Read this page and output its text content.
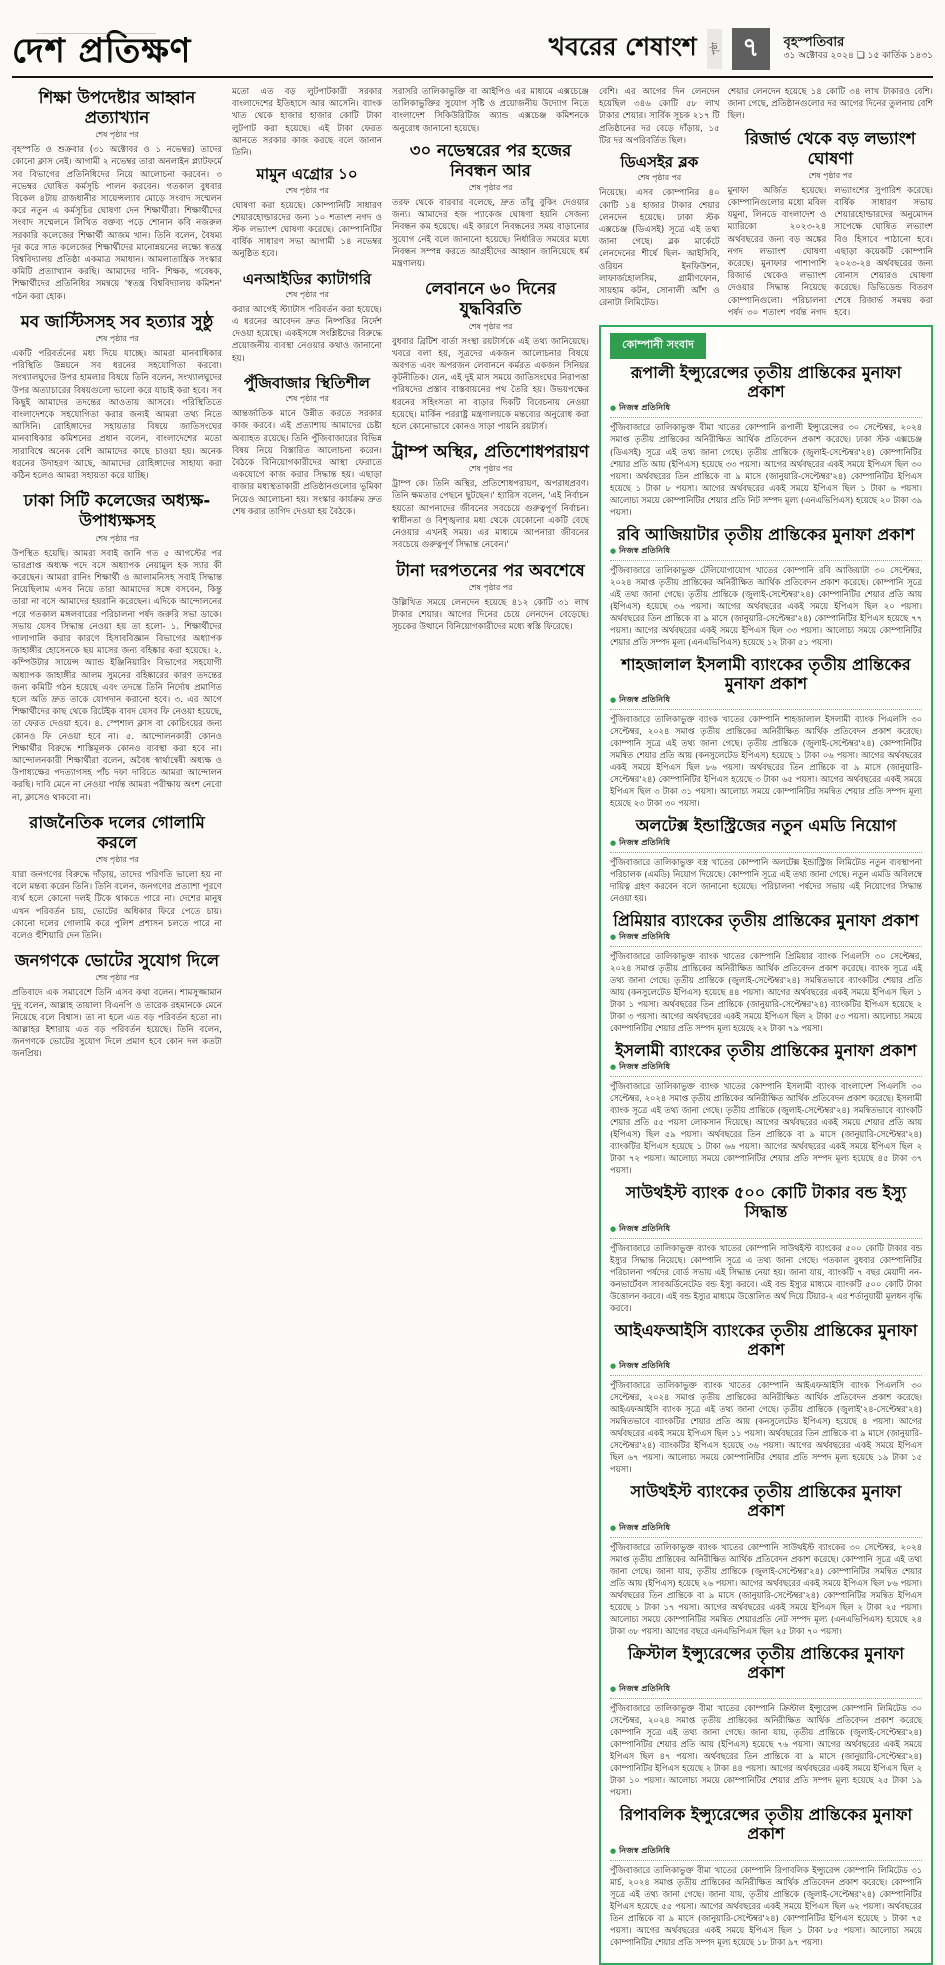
দেশ প্রতিক্ষণ	খবরের শেষাংশ	পৃষ্ঠা ৭	বৃহস্পতিবার
৩১ অক্টোবর ২০২৪ ❑ ১৫ কার্তিক ১৪৩১
শিক্ষা উপদেষ্টার আহ্বান প্রত্যাখ্যান
শেষ পৃষ্ঠার পর
বৃহস্পতি ও শুক্রবার (৩১ অক্টোবর ও ১ নভেম্বর) তাদের কোনো ক্লাস নেই। আগামী ২ নভেম্বর তারা অনলাইন প্ল্যাটফর্মে সব বিভাগের প্রতিনিধিদের নিয়ে আলোচনা করবেন। ৩ নভেম্বর ঘোষিত কর্মসূচি পালন করবেন। গতকাল বুধবার বিকেল ৪টায় রাজধানীর সায়েন্সল্যাব মোড়ে সংবাদ সম্মেলন করে নতুন এ কর্মসূচির ঘোষণা দেন শিক্ষার্থীরা। শিক্ষার্থীদের সংবাদ সম্মেলনে লিখিত বক্তব্য পড়ে শোনান কবি নজরুল সরকারি কলেজের শিক্ষার্থী আজম খান। তিনি বলেন, বৈষম্য দূর করে সাত কলেজের শিক্ষার্থীদের মানোন্নয়নের লক্ষ্যে স্বতন্ত্র বিশ্ববিদ্যালয় প্রতিষ্ঠা একমাত্র সমাধান। আমলাতান্ত্রিক সংস্কার কমিটি প্রত্যাখ্যান করছি। আমাদের দাবি- শিক্ষক, গবেষক, শিক্ষার্থীদের প্রতিনিধির সমন্বয়ে 'স্বতন্ত্র বিশ্ববিদ্যালয় কমিশন' গঠন করা হোক।
মব জাস্টিসসহ সব হত্যার সুষ্ঠু
শেষ পৃষ্ঠার পর
একটি পরিবর্তনের মধ্য দিয়ে যাচ্ছে। আমরা মানবাধিকার পরিস্থিতি উন্নয়নে সব ধরনের সহযোগিতা করবো। সংখ্যালঘুদের উপর হামলার বিষয়ে তিনি বলেন, সংখ্যালঘুদের উপর অত্যাচারের বিষয়গুলো ভালো করে যাচাই করা হবে। সব কিছুই আমাদের তদন্তের আওতায় আসবে। পরিস্থিতিতে বাংলাদেশকে সহযোগিতা করার জন্যই আমরা তথ্য নিতে আসিনি। রোহিঙ্গাদের সহায়তার বিষয়ে জাতিসংঘের মানবাধিকার কমিশনের প্রধান বলেন, বাংলাদেশের মতো সারাবিশ্বে অনেক বেশি আমাদের কাছে চাওয়া হয়। অনেক ধরনের উদাহরণ আছে, আমাদের রোহিঙ্গাদের সাহায্য করা কঠিন হলেও আমরা সহায়তা করে যাচ্ছি।
ঢাকা সিটি কলেজের অধ্যক্ষ-উপাধ্যক্ষসহ
শেষ পৃষ্ঠার পর
উপস্থিত হয়েছি। আমরা সবাই জানি গত ৫ আগস্টের পর ভারপ্রাপ্ত অধ্যক্ষ পদে বসে অধ্যাপক নেয়ামুল হক স্যার কী করেছেন। আমরা রানিং শিক্ষার্থী ও আলামনিসহ সবাই সিদ্ধান্ত নিয়েছিলাম এসব নিয়ে তারা আমাদের সঙ্গে বসবেন, কিন্তু তারা না বসে আমাদের হয়রানি করেছেন। এদিকে আন্দোলনের পরে গতকাল মঙ্গলবারের পরিচালনা পর্ষদ জরুরি সভা ডাকে। সভায় যেসব সিদ্ধান্ত নেওয়া হয় তা হলো- ১. শিক্ষার্থীদের গালাগালি করার কারণে হিসাববিজ্ঞান বিভাগের অধ্যাপক জাহাঙ্গীর হোসেনকে ছয় মাসের জন্য বহিষ্কার করা হয়েছে। ২. কম্পিউটার সায়েন্স অ্যান্ড ইঞ্জিনিয়ারিং বিভাগের সহযোগী অধ্যাপক জাহাঙ্গীর আলম সুমনের বহিষ্কারের কারণ তদন্তের জন্য কমিটি গঠন হয়েছে এবং তদন্তে তিনি নির্দোষ প্রমাণিত হলে অতি দ্রুত তাকে যোগদান করানো হবে। ৩. এর আগে শিক্ষার্থীদের কাছ থেকে রিটেইক বাবদ যেসব ফি নেওয়া হয়েছে, তা ফেরত দেওয়া হবে। ৪. স্পেশাল ক্লাস বা কোচিংয়ের জন্য কোনও ফি নেওয়া হবে না। ৫. আন্দোলনকারী কোনও শিক্ষার্থীর বিরুদ্ধে শাস্তিমূলক কোনও ব্যবস্থা করা হবে না। আন্দোলনকারী শিক্ষার্থীরা বলেন, অবৈধ স্বার্থান্বেষী অধ্যক্ষ ও উপাধ্যক্ষের পদত্যাগসহ পাঁচ দফা দাবিতে আমরা আন্দোলন করছি। দাবি মেনে না নেওয়া পর্যন্ত আমরা পরীক্ষায় অংশ নেবো না, ক্লাসেও থাকবো না।
রাজনৈতিক দলের গোলামি করলে
শেষ পৃষ্ঠার পর
যারা জনগণের বিরুদ্ধে দাঁড়ায়, তাদের পরিণতি ভালো হয় না বলে মন্তব্য করেন তিনি। তিনি বলেন, জনগণের প্রত্যাশা পূরণে ব্যর্থ হলে কোনো দলই টিকে থাকতে পারে না। দেশের মানুষ এখন পরিবর্তন চায়, ভোটের অধিকার ফিরে পেতে চায়। কোনো দলের গোলামি করে পুলিশ প্রশাসন চলতে পারে না বলেও হুঁশিয়ারি দেন তিনি।
জনগণকে ভোটের সুযোগ দিলে
শেষ পৃষ্ঠার পর
প্রতিবাদে এক সমাবেশে তিনি এসব কথা বলেন। শামসুজ্জামান দুদু বলেন, আল্লাহ তায়ালা বিএনপি ও তারেক রহমানকে মেনে নিয়েছে বলে বিশ্বাস। তা না হলে এত বড় পরিবর্তন হতো না। আল্লাহর ইশারায় এত বড় পরিবর্তন হয়েছে। তিনি বলেন, জনগণকে ভোটের সুযোগ দিলে প্রমাণ হবে কোন দল কতটা জনপ্রিয়।
মতো এত বড় লুটপাটকারী সরকার বাংলাদেশের ইতিহাসে আর আসেনি। ব্যাংক খাত থেকে হাজার হাজার কোটি টাকা লুটপাট করা হয়েছে। এই টাকা ফেরত আনতে সরকার কাজ করছে বলে জানান তিনি।
মামুন এগ্রোর ১০
শেষ পৃষ্ঠার পর
ঘোষণা করা হয়েছে। কোম্পানিটি সাধারণ শেয়ারহোল্ডারদের জন্য ১০ শতাংশ নগদ ও স্টক লভ্যাংশ ঘোষণা করেছে। কোম্পানিটির বার্ষিক সাধারণ সভা আগামী ১৪ নভেম্বর অনুষ্ঠিত হবে।
এনআইডির ক্যাটাগরি
শেষ পৃষ্ঠার পর
করার আগেই স্ট্যাটাস পরিবর্তন করা হয়েছে। এ ধরনের আবেদন দ্রুত নিষ্পত্তির নির্দেশ দেওয়া হয়েছে। একইসঙ্গে সংশ্লিষ্টদের বিরুদ্ধে প্রয়োজনীয় ব্যবস্থা নেওয়ার কথাও জানানো হয়।
পুঁজিবাজার স্থিতিশীল
শেষ পৃষ্ঠার পর
আন্তর্জাতিক মানে উন্নীত করতে সরকার কাজ করবে। এই প্রত্যাশায় আমাদের চেষ্টা অব্যাহত রয়েছে। তিনি পুঁজিবাজারের বিভিন্ন বিষয় নিয়ে বিস্তারিত আলোচনা করেন। বৈঠকে বিনিয়োগকারীদের আস্থা ফেরাতে একযোগে কাজ করার সিদ্ধান্ত হয়। এছাড়া বাজার মধ্যস্থতাকারী প্রতিষ্ঠানগুলোর ভূমিকা নিয়েও আলোচনা হয়। সংস্কার কার্যক্রম দ্রুত শেষ করার তাগিদ দেওয়া হয় বৈঠকে।
সরাসরি তালিকাভুক্তি বা আইপিও এর মাধ্যমে এক্সচেঞ্জে তালিকাভুক্তির সুযোগ সৃষ্টি ও প্রয়োজনীয় উদ্যোগ নিতে বাংলাদেশ সিকিউরিটিজ অ্যান্ড এক্সচেঞ্জ কমিশনকে অনুরোধ জানানো হয়েছে।
৩০ নভেম্বরের পর হজের নিবন্ধন আর
শেষ পৃষ্ঠার পর
তরফ থেকে বারবার বলেছে, দ্রুত তাঁবু বুকিং দেওয়ার জন্য। আমাদের হজ প্যাকেজ ঘোষণা হয়নি সেজন্য নিবন্ধন কম হয়েছে। এই কারণে নিবন্ধনের সময় বাড়ানোর সুযোগ নেই বলে জানানো হয়েছে। নির্ধারিত সময়ের মধ্যে নিবন্ধন সম্পন্ন করতে আগ্রহীদের আহ্বান জানিয়েছে ধর্ম মন্ত্রণালয়।
লেবাননে ৬০ দিনের যুদ্ধবিরতি
শেষ পৃষ্ঠার পর
বুধবার ব্রিটিশ বার্তা সংস্থা রয়টার্সকে এই তথ্য জানিয়েছে। খবরে বলা হয়, সূত্রদের একজন আলোচনার বিষয়ে অবগত এবং অপরজন লেবাননে কর্মরত একজন সিনিয়র কূটনীতিক। যেন, এই দুই মাস সময়ে জাতিসংঘের নিরাপত্তা পরিষদের প্রস্তাব বাস্তবায়নের পথ তৈরি হয়। উভয়পক্ষের ধরনের সহিংসতা না বাড়ার দিকটি বিবেচনায় নেওয়া হয়েছে। মার্কিন পররাষ্ট্র মন্ত্রণালয়কে মন্তব্যের অনুরোধ করা হলে কোনোভাবে কোনও সাড়া পায়নি রয়টার্স।
ট্রাম্প অস্থির, প্রতিশোধপরায়ণ
শেষ পৃষ্ঠার পর
ট্রাম্প কে। তিনি অস্থির, প্রতিশোধপরায়ণ, অপরাধপ্রবণ। তিনি ক্ষমতার পেছনে ছুটছেন।' হ্যারিস বলেন, 'এই নির্বাচন হয়তো আপনাদের জীবনের সবচেয়ে গুরুত্বপূর্ণ নির্বাচন। স্বাধীনতা ও বিশৃঙ্খলার মধ্য থেকে যেকোনো একটি বেছে নেওয়ার এখনই সময়। এর মাধ্যমে আপনারা জীবনের সবচেয়ে গুরুত্বপূর্ণ সিদ্ধান্ত নেবেন।'
টানা দরপতনের পর অবশেষে
শেষ পৃষ্ঠার পর
উল্লিখিত সময়ে লেনদেন হয়েছে ৪১২ কোটি ৩১ লাখ টাকার শেয়ার। আগের দিনের চেয়ে লেনদেন বেড়েছে। সূচকের উত্থানে বিনিয়োগকারীদের মধ্যে স্বস্তি ফিরেছে।
বেশি। এর আগের দিন লেনদেন হয়েছিল ৩৪৬ কোটি ৫৮ লাখ টাকার শেয়ার। সার্বিক সূচক ২১৭ টি প্রতিষ্ঠানের দর বেড়ে দাঁড়ায়, ১৫ টির দর অপরিবর্তিত ছিল।
ডিএসইর ব্লক
শেষ পৃষ্ঠার পর
নিয়েছে। এসব কোম্পানির ৪০ কোটি ১৪ হাজার টাকার শেয়ার লেনদেন হয়েছে। ঢাকা স্টক এক্সচেঞ্জ (ডিএসই) সূত্রে এই তথ্য জানা গেছে। ব্লক মার্কেটে লেনদেনের শীর্ষে ছিল- আইসিবি, ওরিয়ন ইনফিউশন, লাফার্জহোলসিম, গ্রামীণফোন, সায়হাম কটন, সোনালী আঁশ ও রেনাটা লিমিটেড।
শেয়ার লেনদেন হয়েছে ১৪ কোটি ৩৪ লাখ টাকারও বেশি। জানা গেছে, প্রতিষ্ঠানগুলোর দর আগের দিনের তুলনায় বেশি ছিল।
রিজার্ভ থেকে বড় লভ্যাংশ ঘোষণা
শেষ পৃষ্ঠার পর
মুনাফা অর্জিত হয়েছে। কোম্পানিগুলোর মধ্যে মবিল যমুনা, লিনডে বাংলাদেশ ও ম্যারিকো ২০২৩-২৪ অর্থবছরের জন্য বড় অঙ্কের নগদ লভ্যাংশ ঘোষণা করেছে। মুনাফার পাশাপাশি রিজার্ভ থেকেও লভ্যাংশ দেওয়ার সিদ্ধান্ত নিয়েছে কোম্পানিগুলো। পরিচালনা পর্ষদ ৩০ শতাংশ পর্যন্ত নগদ লভ্যাংশের সুপারিশ করেছে। বার্ষিক সাধারণ সভায় শেয়ারহোল্ডারদের অনুমোদন সাপেক্ষে ঘোষিত লভ্যাংশ বিও হিসাবে পাঠানো হবে। এছাড়া কয়েকটি কোম্পানি ২০২৩-২৪ অর্থবছরের জন্য বোনাস শেয়ারও ঘোষণা করেছে। ডিভিডেন্ড বিতরণ শেষে রিজার্ভ সমন্বয় করা হবে।
কোম্পানী সংবাদ
রূপালী ইন্স্যুরেন্সের তৃতীয় প্রান্তিকের মুনাফা প্রকাশ
● নিজস্ব প্রতিনিধি
পুঁজিবাজারে তালিকাভুক্ত বীমা খাতের কোম্পানি রূপালী ইন্স্যুরেন্সের ৩০ সেপ্টেম্বর, ২০২৪ সমাপ্ত তৃতীয় প্রান্তিকের অনিরীক্ষিত আর্থিক প্রতিবেদন প্রকাশ করেছে। ঢাকা স্টক এক্সচেঞ্জ (ডিএসই) সূত্রে এই তথ্য জানা গেছে। তৃতীয় প্রান্তিকে (জুলাই-সেপ্টেম্বর'২৪) কোম্পানিটির শেয়ার প্রতি আয় (ইপিএস) হয়েছে ৩৩ পয়সা। আগের অর্থবছরের একই সময়ে ইপিএস ছিল ৩০ পয়সা। অর্থবছরের তিন প্রান্তিকে বা ৯ মাসে (জানুয়ারি-সেপ্টেম্বর'২৪) কোম্পানিটির ইপিএস হয়েছে ১ টাকা ৮ পয়সা। আগের অর্থবছরের একই সময়ে ইপিএস ছিল ১ টাকা ৬ পয়সা। আলোচ্য সময়ে কোম্পানিটির শেয়ার প্রতি নিট সম্পদ মূল্য (এনএভিপিএস) হয়েছে ২০ টাকা ৩৯ পয়সা।
রবি আজিয়াটার তৃতীয় প্রান্তিকের মুনাফা প্রকাশ
● নিজস্ব প্রতিনিধি
পুঁজিবাজারে তালিকাভুক্ত টেলিযোগাযোগ খাতের কোম্পানি রবি আজিয়াটা ৩০ সেপ্টেম্বর, ২০২৪ সমাপ্ত তৃতীয় প্রান্তিকের অনিরীক্ষিত আর্থিক প্রতিবেদন প্রকাশ করেছে। কোম্পানি সূত্রে এই তথ্য জানা গেছে। তৃতীয় প্রান্তিকে (জুলাই-সেপ্টেম্বর'২৪) কোম্পানিটির শেয়ার প্রতি আয় (ইপিএস) হয়েছে ৩৬ পয়সা। আগের অর্থবছরের একই সময়ে ইপিএস ছিল ২০ পয়সা। অর্থবছরের তিন প্রান্তিকে বা ৯ মাসে (জানুয়ারি-সেপ্টেম্বর'২৪) কোম্পানিটির ইপিএস হয়েছে ৭৭ পয়সা। আগের অর্থবছরের একই সময়ে ইপিএস ছিল ৩৩ পয়সা। আলোচ্য সময়ে কোম্পানিটির শেয়ার প্রতি সম্পদ মূল্য (এনএভিপিএস) হয়েছে ১২ টাকা ৫১ পয়সা।
শাহজালাল ইসলামী ব্যাংকের তৃতীয় প্রান্তিকের মুনাফা প্রকাশ
● নিজস্ব প্রতিনিধি
পুঁজিবাজারে তালিকাভুক্ত ব্যাংক খাতের কোম্পানি শাহজালাল ইসলামী ব্যাংক পিএলসি ৩০ সেপ্টেম্বর, ২০২৪ সমাপ্ত তৃতীয় প্রান্তিকের অনিরীক্ষিত আর্থিক প্রতিবেদন প্রকাশ করেছে। কোম্পানি সূত্রে এই তথ্য জানা গেছে। তৃতীয় প্রান্তিকে (জুলাই-সেপ্টেম্বর'২৪) কোম্পানিটির সমন্বিত শেয়ার প্রতি আয় (কনসুলেটেড ইপিএস) হয়েছে ১ টাকা ০৬ পয়সা। আগের অর্থবছরের একই সময়ে ইপিএস ছিল ৮৬ পয়সা। অর্থবছরের তিন প্রান্তিকে বা ৯ মাসে (জানুয়ারি-সেপ্টেম্বর'২৪) কোম্পানিটির ইপিএস হয়েছে ৩ টাকা ৬৫ পয়সা। আগের অর্থবছরের একই সময়ে ইপিএস ছিল ৩ টাকা ৩১ পয়সা। আলোচ্য সময়ে কোম্পানিটির সমন্বিত শেয়ার প্রতি সম্পদ মূল্য হয়েছে ২৩ টাকা ৩০ পয়সা।
অলটেক্স ইন্ডাস্ট্রিজের নতুন এমডি নিয়োগ
● নিজস্ব প্রতিনিধি
পুঁজিবাজারে তালিকাভুক্ত বস্ত্র খাতের কোম্পানি অলটেক্স ইন্ডাস্ট্রিজ লিমিটেড নতুন ব্যবস্থাপনা পরিচালক (এমডি) নিয়োগ দিয়েছে। কোম্পানি সূত্রে এই তথ্য জানা গেছে। নতুন এমডি অবিলম্বে দায়িত্ব গ্রহণ করবেন বলে জানানো হয়েছে। পরিচালনা পর্ষদের সভায় এই নিয়োগের সিদ্ধান্ত নেওয়া হয়।
প্রিমিয়ার ব্যাংকের তৃতীয় প্রান্তিকের মুনাফা প্রকাশ
● নিজস্ব প্রতিনিধি
পুঁজিবাজারে তালিকাভুক্ত ব্যাংক খাতের কোম্পানি প্রিমিয়ার ব্যাংক পিএলসি ৩০ সেপ্টেম্বর, ২০২৪ সমাপ্ত তৃতীয় প্রান্তিকের অনিরীক্ষিত আর্থিক প্রতিবেদন প্রকাশ করেছে। ব্যাংক সূত্রে এই তথ্য জানা গেছে। তৃতীয় প্রান্তিকে (জুলাই-সেপ্টেম্বর'২৪) সমন্বিতভাবে ব্যাংকটির শেয়ার প্রতি আয় (কনসুলেটেড ইপিএস) হয়েছে ৪৪ পয়সা। আগের অর্থবছরের একই সময়ে ইপিএস ছিল ১ টাকা ১ পয়সা। অর্থবছরের তিন প্রান্তিকে (জানুয়ারি-সেপ্টেম্বর'২৪) ব্যাংকটির ইপিএস হয়েছে ২ টাকা ৩ পয়সা। আগের অর্থবছরের একই সময়ে ইপিএস ছিল ২ টাকা ৫৩ পয়সা। আলোচ্য সময়ে কোম্পানিটির শেয়ার প্রতি সম্পদ মূল্য হয়েছে ২২ টাকা ৭৯ পয়সা।
ইসলামী ব্যাংকের তৃতীয় প্রান্তিকের মুনাফা প্রকাশ
● নিজস্ব প্রতিনিধি
পুঁজিবাজারে তালিকাভুক্ত ব্যাংক খাতের কোম্পানি ইসলামী ব্যাংক বাংলাদেশ পিএলসি ৩০ সেপ্টেম্বর, ২০২৪ সমাপ্ত তৃতীয় প্রান্তিকের অনিরীক্ষিত আর্থিক প্রতিবেদন প্রকাশ করেছে। ইসলামী ব্যাংক সূত্রে এই তথ্য জানা গেছে। তৃতীয় প্রান্তিকে (জুলাই-সেপ্টেম্বর'২৪) সমন্বিতভাবে ব্যাংকটি শেয়ার প্রতি ৫৫ পয়সা লোকসান দিয়েছে। আগের অর্থবছরের একই সময়ে শেয়ার প্রতি আয় (ইপিএস) ছিল ৫৯ পয়সা। অর্থবছরের তিন প্রান্তিকে বা ৯ মাসে (জানুয়ারি-সেপ্টেম্বর'২৪) ব্যাংকটির ইপিএস হয়েছে ১ টাকা ৬৬ পয়সা। আগের অর্থবছরের একই সময়ে ইপিএস ছিল ২ টাকা ৭২ পয়সা। আলোচ্য সময়ে কোম্পানিটির শেয়ার প্রতি সম্পদ মূল্য হয়েছে ৪৫ টাকা ৩৭ পয়সা।
সাউথইস্ট ব্যাংক ৫০০ কোটি টাকার বন্ড ইস্যু সিদ্ধান্ত
● নিজস্ব প্রতিনিধি
পুঁজিবাজারে তালিকাভুক্ত ব্যাংক খাতের কোম্পানি সাউথইস্ট ব্যাংকের ৫০০ কোটি টাকার বন্ড ইস্যুর সিদ্ধান্ত নিয়েছে। কোম্পানি সূত্রে এ তথ্য জানা গেছে। গতকাল বুধবার কোম্পানিটির পরিচালনা পর্ষদের বোর্ড সভায় এই সিদ্ধান্ত নেয়া হয়। জানা যায়, ব্যাংকটি ৭ বছর মেয়াদী নন-কনভার্টেবল সাবঅর্ডিনেটেড বন্ড ইস্যু করবে। এই বন্ড ইস্যুর মাধ্যমে ব্যাংকটি ৫০০ কোটি টাকা উত্তোলন করবে। এই বন্ড ইস্যুর মাধ্যমে উত্তোলিত অর্থ দিয়ে টিয়ার-২ এর শর্তানুযায়ী মূলধন বৃদ্ধি করবে।
আইএফআইসি ব্যাংকের তৃতীয় প্রান্তিকের মুনাফা প্রকাশ
● নিজস্ব প্রতিনিধি
পুঁজিবাজারে তালিকাভুক্ত ব্যাংক খাতের কোম্পানি আইএফআইসি ব্যাংক পিএলসি ৩০ সেপ্টেম্বর, ২০২৪ সমাপ্ত তৃতীয় প্রান্তিকের অনিরীক্ষিত আর্থিক প্রতিবেদন প্রকাশ করেছে। আইএফআইসি ব্যাংক সূত্রে এই তথ্য জানা গেছে। তৃতীয় প্রান্তিকে (জুলাই'২৪-সেপ্টেম্বর'২৪) সমন্বিতভাবে ব্যাংকটির শেয়ার প্রতি আয় (কনসুলেটেড ইপিএস) হয়েছে ৪ পয়সা। আগের অর্থবছরের একই সময়ে ইপিএস ছিল ১১ পয়সা। অর্থবছরের তিন প্রান্তিকে বা ৯ মাসে (জানুয়ারি-সেপ্টেম্বর'২৪) ব্যাংকটির ইপিএস হয়েছে ৩৬ পয়সা। আগের অর্থবছরের একই সময়ে ইপিএস ছিল ৬৭ পয়সা। আলোচ্য সময়ে কোম্পানিটির শেয়ার প্রতি সম্পদ মূল্য হয়েছে ১৯ টাকা ১৫ পয়সা।
সাউথইস্ট ব্যাংকের তৃতীয় প্রান্তিকের মুনাফা প্রকাশ
● নিজস্ব প্রতিনিধি
পুঁজিবাজারে তালিকাভুক্ত ব্যাংক খাতের কোম্পানি সাউথইস্ট ব্যাংকের ৩০ সেপ্টেম্বর, ২০২৪ সমাপ্ত তৃতীয় প্রান্তিকের অনিরীক্ষিত আর্থিক প্রতিবেদন প্রকাশ করেছে। কোম্পানি সূত্রে এই তথ্য জানা গেছে। জানা যায়, তৃতীয় প্রান্তিকে (জুলাই-সেপ্টেম্বর'২৪) কোম্পানিটির সমন্বিত শেয়ার প্রতি আয় (ইপিএস) হয়েছে ২৬ পয়সা। আগের অর্থবছরের একই সময়ে ইপিএস ছিল ৮৬ পয়সা। অর্থবছরের তিন প্রান্তিকে বা ৯ মাসে (জানুয়ারি-সেপ্টেম্বর'২৪) কোম্পানিটির সমন্বিত ইপিএস হয়েছে ১ টাকা ১৭ পয়সা। আগের অর্থবছরের একই সময়ে ইপিএস ছিল ২ টাকা ২৫ পয়সা। আলোচ্য সময়ে কোম্পানিটির সমন্বিত শেয়ারপ্রতি নেট সম্পদ মূল্য (এনএভিপিএস) হয়েছে ২৪ টাকা ৩৮ পয়সা। আগের বছরে এনএভিপিএস ছিল ২৫ টাকা ৭০ পয়সা।
ক্রিস্টাল ইন্স্যুরেন্সের তৃতীয় প্রান্তিকের মুনাফা প্রকাশ
● নিজস্ব প্রতিনিধি
পুঁজিবাজারে তালিকাভুক্ত বীমা খাতের কোম্পানি ক্রিস্টাল ইন্স্যুরেন্স কোম্পানি লিমিটেড ৩০ সেপ্টেম্বর, ২০২৪ সমাপ্ত তৃতীয় প্রান্তিকের অনিরীক্ষিত আর্থিক প্রতিবেদন প্রকাশ করেছে কোম্পানি সূত্রে এই তথ্য জানা গেছে। জানা যায়, তৃতীয় প্রান্তিকে (জুলাই-সেপ্টেম্বর'২৪) কোম্পানিটির শেয়ার প্রতি আয় (ইপিএস) হয়েছে ৭৬ পয়সা। আগের অর্থবছরের একই সময়ে ইপিএস ছিল ৪৭ পয়সা। অর্থবছরের তিন প্রান্তিকে বা ৯ মাসে (জানুয়ারি-সেপ্টেম্বর'২৪) কোম্পানিটির ইপিএস হয়েছে ২ টাকা ৪৪ পয়সা। আগের অর্থবছরের একই সময়ে ইপিএস ছিল ২ টাকা ১০ পয়সা। আলোচ্য সময়ে কোম্পানিটির শেয়ার প্রতি সম্পদ মূল্য হয়েছে ২৫ টাকা ১৯ পয়সা।
রিপাবলিক ইন্স্যুরেন্সের তৃতীয় প্রান্তিকের মুনাফা প্রকাশ
● নিজস্ব প্রতিনিধি
পুঁজিবাজারে তালিকাভুক্ত বীমা খাতের কোম্পানি রিপাবলিক ইন্স্যুরেন্স কোম্পানি লিমিটেড ৩১ মার্চ, ২০২৪ সমাপ্ত তৃতীয় প্রান্তিকের অনিরীক্ষিত আর্থিক প্রতিবেদন প্রকাশ করেছে। কোম্পানি সূত্রে এই তথ্য জানা গেছে। জানা যায়, তৃতীয় প্রান্তিকে (জুলাই-সেপ্টেম্বর'২৪) কোম্পানিটির ইপিএস হয়েছে ৫৫ পয়সা। আগের অর্থবছরের একই সময়ে ইপিএস ছিল ৬২ পয়সা। অর্থবছরের তিন প্রান্তিকে বা ৯ মাসে (জানুয়ারি-সেপ্টেম্বর'২৪) কোম্পানিটির ইপিএস হয়েছে ১ টাকা ৭৫ পয়সা। আগের অর্থবছরের একই সময়ে ইপিএস ছিল ১ টাকা ৮৫ পয়সা। আলোচ্য সময়ে কোম্পানিটির শেয়ার প্রতি সম্পদ মূল্য হয়েছে ১৮ টাকা ৯৭ পয়সা।
